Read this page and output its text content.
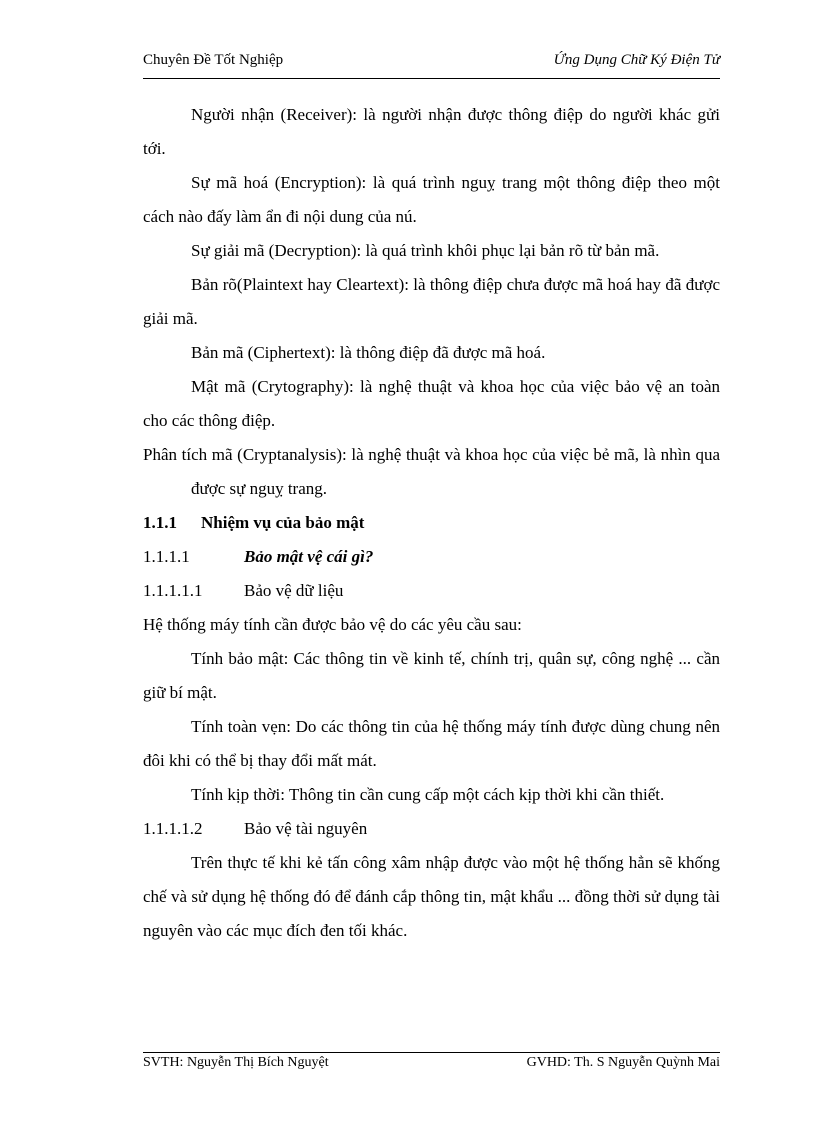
Chuyên Đề Tốt Nghiệp	Ứng Dụng Chữ Ký Điện Tử

Người nhận (Receiver): là người nhận được thông điệp do người khác gửi tới.

Sự mã hoá (Encryption): là quá trình nguỵ trang một thông điệp theo một cách nào đấy làm ẩn đi nội dung của nú.

Sự giải mã (Decryption): là quá trình khôi phục lại bản rõ từ bản mã.

Bản rõ(Plaintext hay Cleartext): là thông điệp chưa được mã hoá hay đã được giải mã.

Bản mã (Ciphertext): là thông điệp đã được mã hoá.

Mật mã (Crytography): là nghệ thuật và khoa học của việc bảo vệ an toàn cho các thông điệp.

Phân tích mã (Cryptanalysis): là nghệ thuật và khoa học của việc bẻ mã, là nhìn qua được sự nguỵ trang.

1.1.1 Nhiệm vụ của bảo mật

1.1.1.1	Bảo mật vệ cái gì?

1.1.1.1.1 Bảo vệ dữ liệu

Hệ thống máy tính cần được bảo vệ do các yêu cầu sau:

Tính bảo mật: Các thông tin về kinh tế, chính trị, quân sự, công nghệ ... cần giữ bí mật.

Tính toàn vẹn: Do các thông tin của hệ thống máy tính được dùng chung nên đôi khi có thể bị thay đổi mất mát.

Tính kịp thời: Thông tin cần cung cấp một cách kịp thời khi cần thiết.

1.1.1.1.2 Bảo vệ tài nguyên

Trên thực tế khi kẻ tấn công xâm nhập được vào một hệ thống hẳn sẽ khống chế và sử dụng hệ thống đó để đánh cắp thông tin, mật khẩu ... đồng thời sử dụng tài nguyên vào các mục đích đen tối khác.

SVTH: Nguyễn Thị Bích Nguyệt	GVHD: Th. S Nguyễn Quỳnh Mai
